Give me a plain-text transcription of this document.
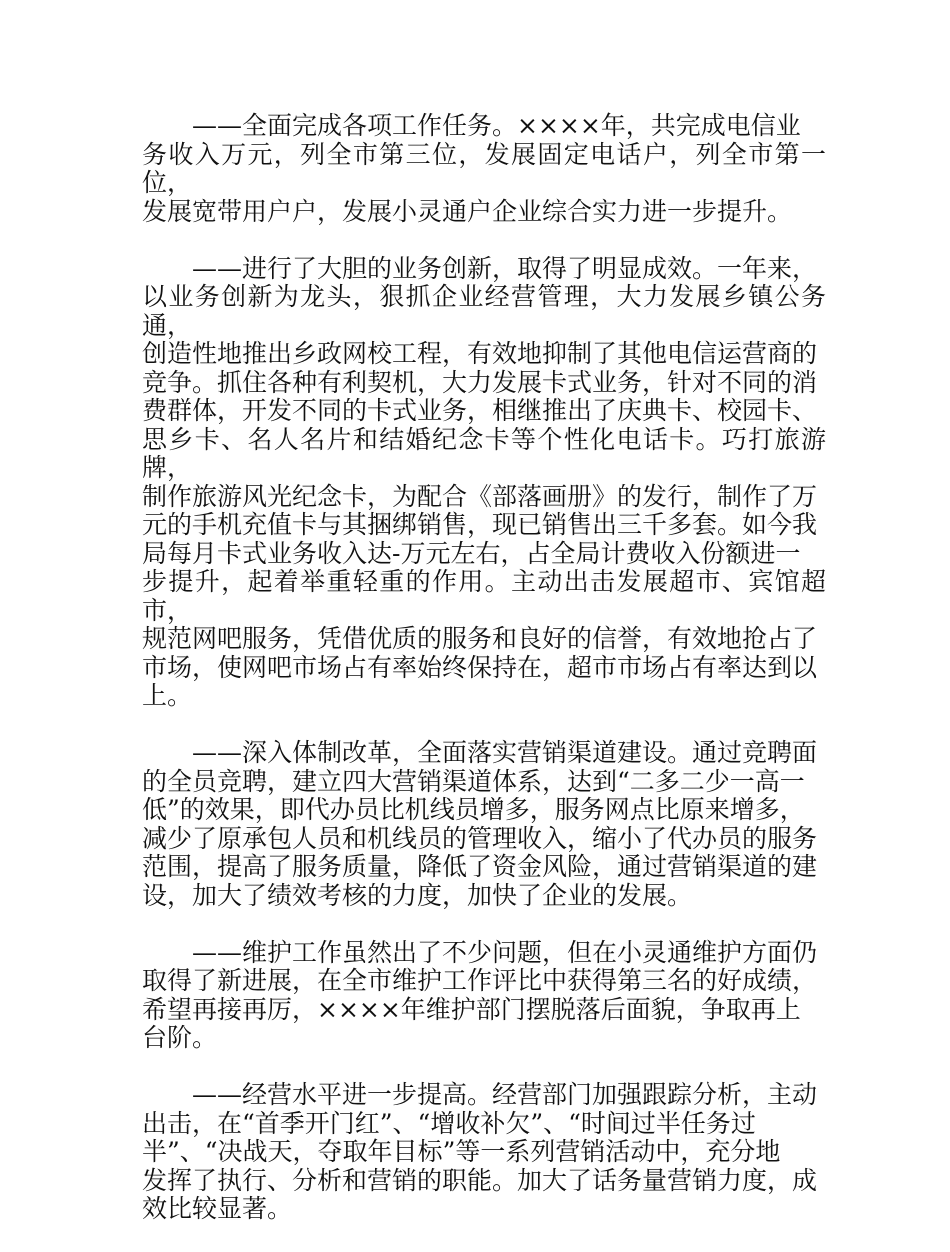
——全面完成各项工作任务。××××年，共完成电信业
务收入万元，列全市第三位，发展固定电话户，列全市第一位，
发展宽带用户户，发展小灵通户企业综合实力进一步提升。

——进行了大胆的业务创新，取得了明显成效。一年来，
以业务创新为龙头，狠抓企业经营管理，大力发展乡镇公务通，
创造性地推出乡政网校工程，有效地抑制了其他电信运营商的
竞争。抓住各种有利契机，大力发展卡式业务，针对不同的消
费群体，开发不同的卡式业务，相继推出了庆典卡、校园卡、
思乡卡、名人名片和结婚纪念卡等个性化电话卡。巧打旅游牌，
制作旅游风光纪念卡，为配合《部落画册》的发行，制作了万
元的手机充值卡与其捆绑销售，现已销售出三千多套。如今我
局每月卡式业务收入达-万元左右，占全局计费收入份额进一
步提升，起着举重轻重的作用。主动出击发展超市、宾馆超市，
规范网吧服务，凭借优质的服务和良好的信誉，有效地抢占了
市场，使网吧市场占有率始终保持在，超市市场占有率达到以
上。

——深入体制改革，全面落实营销渠道建设。通过竞聘面
的全员竞聘，建立四大营销渠道体系，达到“二多二少一高一
低”的效果，即代办员比机线员增多，服务网点比原来增多，
减少了原承包人员和机线员的管理收入，缩小了代办员的服务
范围，提高了服务质量，降低了资金风险，通过营销渠道的建
设，加大了绩效考核的力度，加快了企业的发展。

——维护工作虽然出了不少问题，但在小灵通维护方面仍
取得了新进展，在全市维护工作评比中获得第三名的好成绩，
希望再接再厉，××××年维护部门摆脱落后面貌，争取再上
台阶。

——经营水平进一步提高。经营部门加强跟踪分析，主动
出击，在“首季开门红”、“增收补欠”、“时间过半任务过
半”、“决战天，夺取年目标”等一系列营销活动中，充分地
发挥了执行、分析和营销的职能。加大了话务量营销力度，成
效比较显著。
